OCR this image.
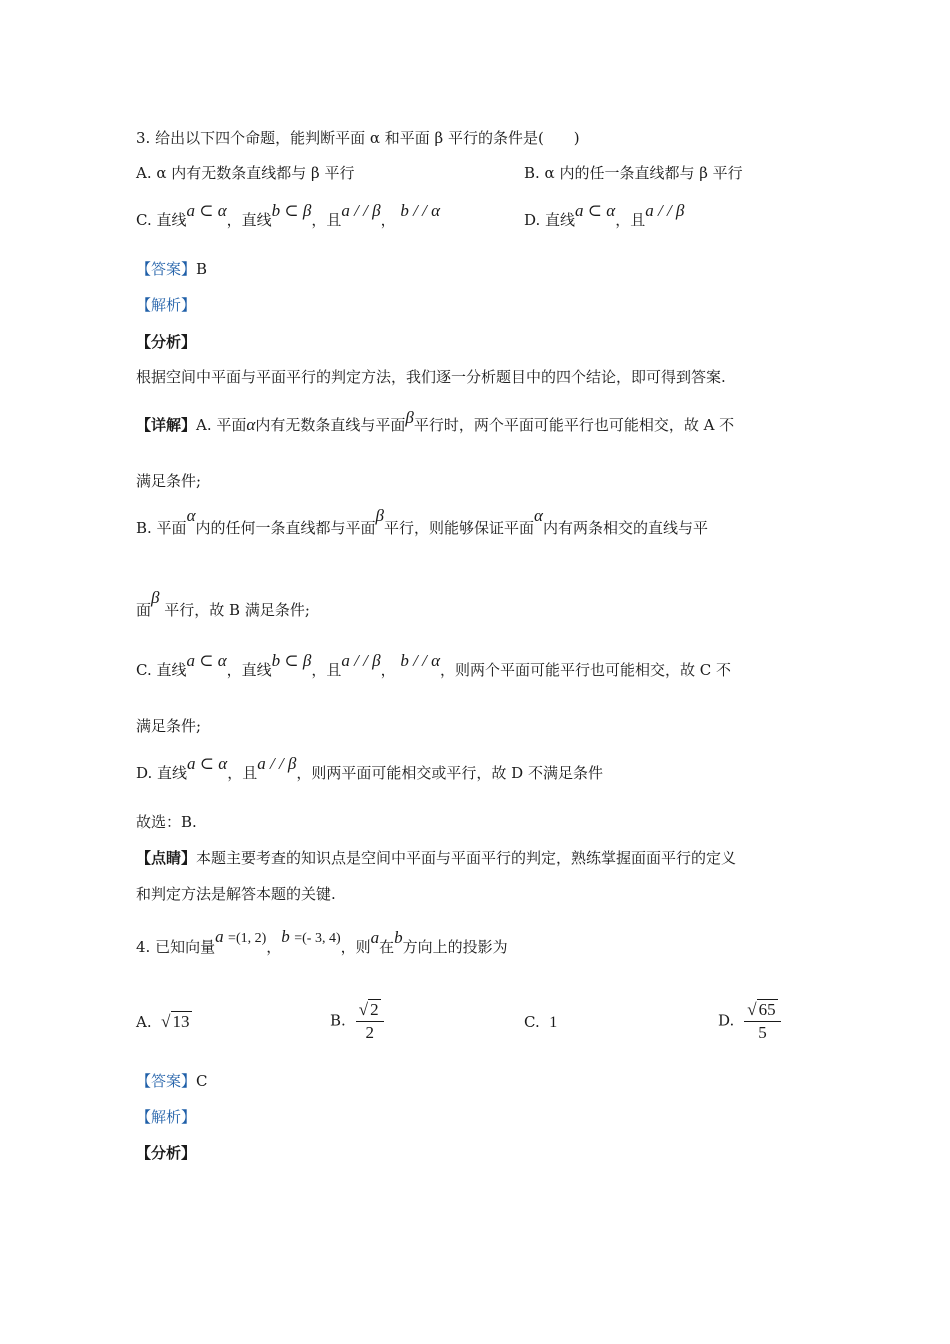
3. 给出以下四个命题，能判断平面 α 和平面 β 平行的条件是(　　)
A. α 内有无数条直线都与 β 平行	B. α 内的任一条直线都与 β 平行
C. 直线a ⊂ α，直线b ⊂ β，且a / / β， b / / α	D. 直线a ⊂ α，且a / / β
【答案】B
【解析】
【分析】
根据空间中平面与平面平行的判定方法，我们逐一分析题目中的四个结论，即可得到答案.
【详解】A. 平面α内有无数条直线与平面β平行时，两个平面可能平行也可能相交，故 A 不
满足条件;
B. 平面α内的任何一条直线都与平面β平行，则能够保证平面α内有两条相交的直线与平
面β 平行，故 B 满足条件;
C. 直线a ⊂ α，直线b ⊂ β，且a / / β， b / / α，则两个平面可能平行也可能相交，故 C 不
满足条件;
D. 直线a ⊂ α，且a / / β，则两平面可能相交或平行，故 D 不满足条件
故选：B.
【点睛】本题主要考查的知识点是空间中平面与平面平行的判定，熟练掌握面面平行的定义
和判定方法是解答本题的关键.
4. 已知向量a =(1, 2)，b =(- 3, 4)，则a在b方向上的投影为
A. √ 13	B. $\frac{√ 2}{2}$	C. 1	D. $\frac{√ 65}{5}$
【答案】C
【解析】
【分析】
